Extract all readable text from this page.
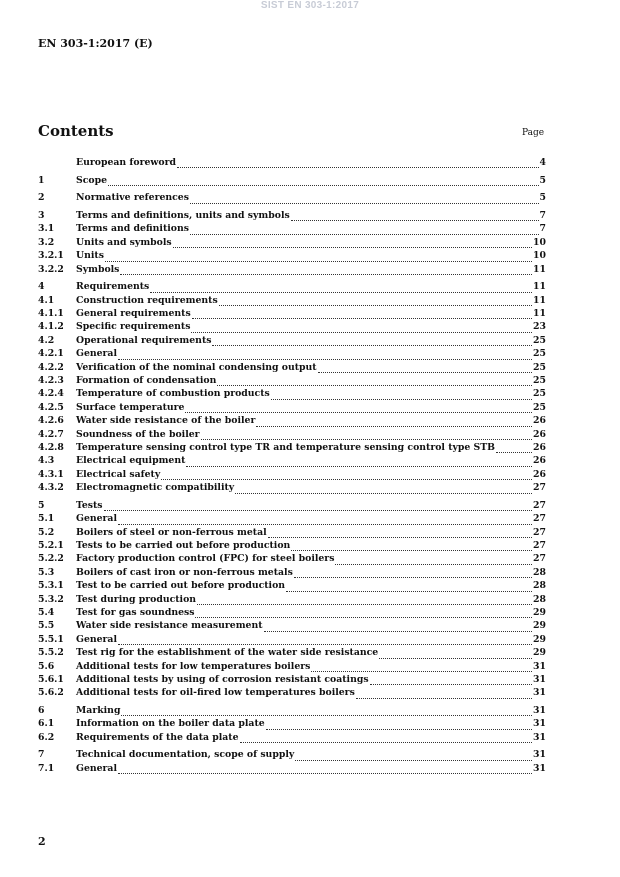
SIST EN 303-1:2017
EN 303-1:2017 (E)
Contents	Page
European foreword	4
1	Scope	5
2	Normative references	5
3	Terms and definitions, units and symbols	7
3.1	Terms and definitions	7
3.2	Units and symbols	10
3.2.1	Units	10
3.2.2	Symbols	11
4	Requirements	11
4.1	Construction requirements	11
4.1.1	General requirements	11
4.1.2	Specific requirements	23
4.2	Operational requirements	25
4.2.1	General	25
4.2.2	Verification of the nominal condensing output	25
4.2.3	Formation of condensation	25
4.2.4	Temperature of combustion products	25
4.2.5	Surface temperature	25
4.2.6	Water side resistance of the boiler	26
4.2.7	Soundness of the boiler	26
4.2.8	Temperature sensing control type TR and temperature sensing control type STB	26
4.3	Electrical equipment	26
4.3.1	Electrical safety	26
4.3.2	Electromagnetic compatibility	27
5	Tests	27
5.1	General	27
5.2	Boilers of steel or non-ferrous metal	27
5.2.1	Tests to be carried out before production	27
5.2.2	Factory production control (FPC) for steel boilers	27
5.3	Boilers of cast iron or non-ferrous metals	28
5.3.1	Test to be carried out before production	28
5.3.2	Test during production	28
5.4	Test for gas soundness	29
5.5	Water side resistance measurement	29
5.5.1	General	29
5.5.2	Test rig for the establishment of the water side resistance	29
5.6	Additional tests for low temperatures boilers	31
5.6.1	Additional tests by using of corrosion resistant coatings	31
5.6.2	Additional tests for oil-fired low temperatures boilers	31
6	Marking	31
6.1	Information on the boiler data plate	31
6.2	Requirements of the data plate	31
7	Technical documentation, scope of supply	31
7.1	General	31
2
